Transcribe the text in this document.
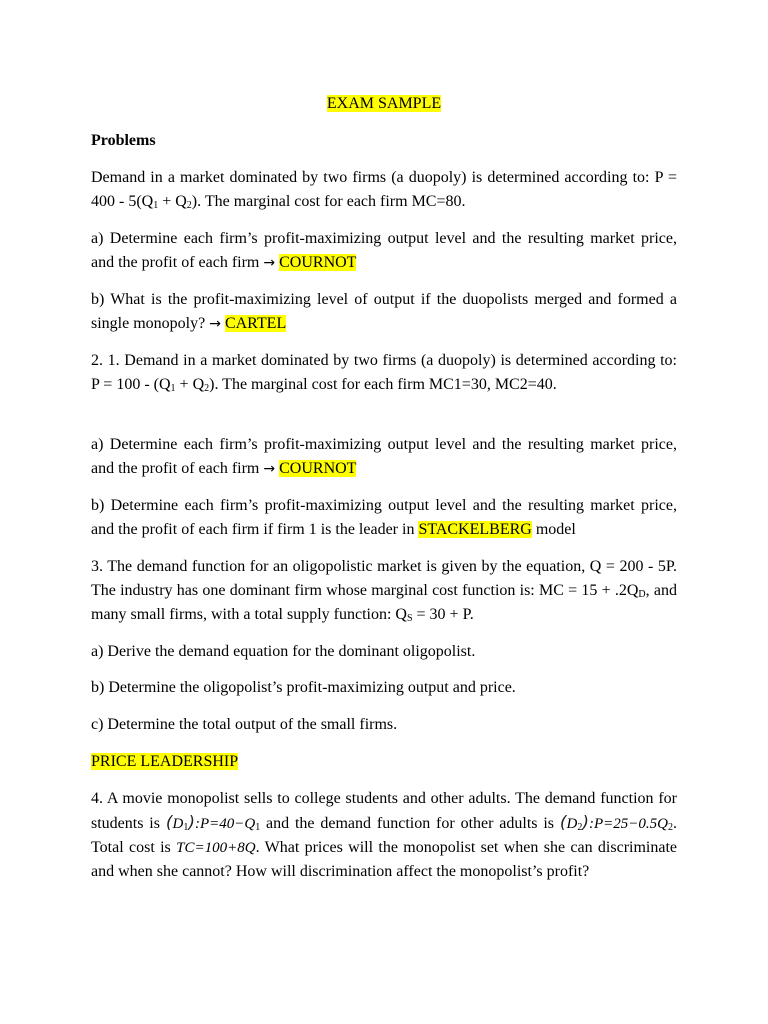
EXAM SAMPLE
Problems

Demand in a market dominated by two firms (a duopoly) is determined according to: $P = 400 - 5(Q_1 + Q_2)$. The marginal cost for each firm MC=80.

a) Determine each firm’s profit-maximizing output level and the resulting market price, and the profit of each firm → COURNOT

b) What is the profit-maximizing level of output if the duopolists merged and formed a single monopoly? → CARTEL

2. 1. Demand in a market dominated by two firms (a duopoly) is determined according to: $P = 100 - (Q_1 + Q_2)$. The marginal cost for each firm MC1=30, MC2=40.

a) Determine each firm’s profit-maximizing output level and the resulting market price, and the profit of each firm → COURNOT

b) Determine each firm’s profit-maximizing output level and the resulting market price, and the profit of each firm if firm 1 is the leader in STACKELBERG model

3. The demand function for an oligopolistic market is given by the equation, Q = 200 - 5P. The industry has one dominant firm whose marginal cost function is: MC = $15 + .2Q_D$, and many small firms, with a total supply function: $Q_S = 30 + P$.

a) Derive the demand equation for the dominant oligopolist.

b) Determine the oligopolist’s profit-maximizing output and price.

c) Determine the total output of the small firms.

PRICE LEADERSHIP

4. A movie monopolist sells to college students and other adults. The demand function for students is $(D_1):P=40-Q_1$ and the demand function for other adults is $(D_2):P=25-0.5Q_2$. Total cost is TC=100+8Q. What prices will the monopolist set when she can discriminate and when she cannot? How will discrimination affect the monopolist’s profit?
